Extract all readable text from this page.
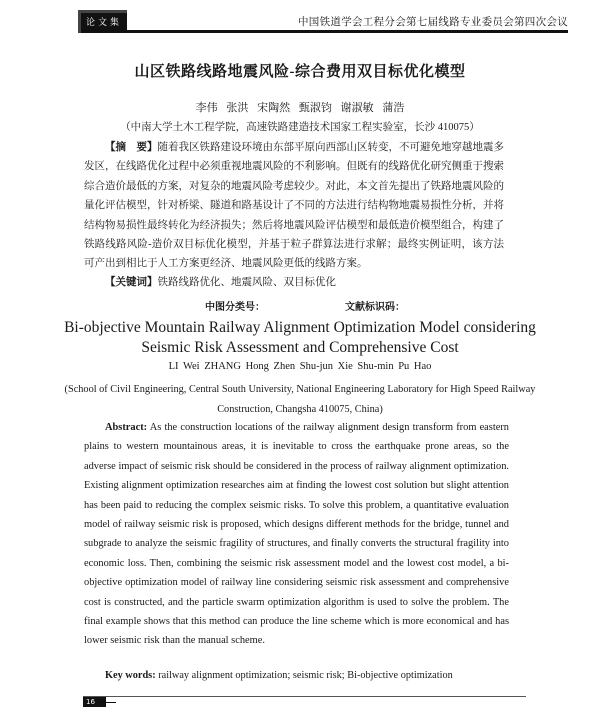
论文集	中国铁道学会工程分会第七届线路专业委员会第四次会议
山区铁路线路地震风险-综合费用双目标优化模型
李伟 张洪 宋陶然 甄淑钧 谢淑敏 蒲浩
（中南大学土木工程学院，高速铁路建造技术国家工程实验室，长沙 410075）
【摘　要】随着我区铁路建设环境由东部平原向西部山区转变，不可避免地穿越地震多发区，在线路优化过程中必须重视地震风险的不利影响。但既有的线路优化研究侧重于搜索综合造价最低的方案，对复杂的地震风险考虑较少。对此，本文首先提出了铁路地震风险的量化评估模型，针对桥梁、隧道和路基设计了不同的方法进行结构物地震易损性分析，并将结构物易损性最终转化为经济损失；然后将地震风险评估模型和最低造价模型组合，构建了铁路线路风险-造价双目标优化模型，并基于粒子群算法进行求解；最终实例证明，该方法可产出到相比于人工方案更经济、地震风险更低的线路方案。
【关键词】铁路线路优化、地震风险、双目标优化
中图分类号：	文献标识码：
Bi-objective Mountain Railway Alignment Optimization Model considering
Seismic Risk Assessment and Comprehensive Cost
LI Wei ZHANG Hong Zhen Shu-jun Xie Shu-min Pu Hao
(School of Civil Engineering, Central South University, National Engineering Laboratory for High Speed Railway Construction, Changsha 410075, China)
Abstract: As the construction locations of the railway alignment design transform from eastern plains to western mountainous areas, it is inevitable to cross the earthquake prone areas, so the adverse impact of seismic risk should be considered in the process of railway alignment optimization. Existing alignment optimization researches aim at finding the lowest cost solution but slight attention has been paid to reducing the complex seismic risks. To solve this problem, a quantitative evaluation model of railway seismic risk is proposed, which designs different methods for the bridge, tunnel and subgrade to analyze the seismic fragility of structures, and finally converts the structural fragility into economic loss. Then, combining the seismic risk assessment model and the lowest cost model, a bi-objective optimization model of railway line considering seismic risk assessment and comprehensive cost is constructed, and the particle swarm optimization algorithm is used to solve the problem. The final example shows that this method can produce the line scheme which is more economical and has lower seismic risk than the manual scheme.
Key words: railway alignment optimization; seismic risk; Bi-objective optimization
16
